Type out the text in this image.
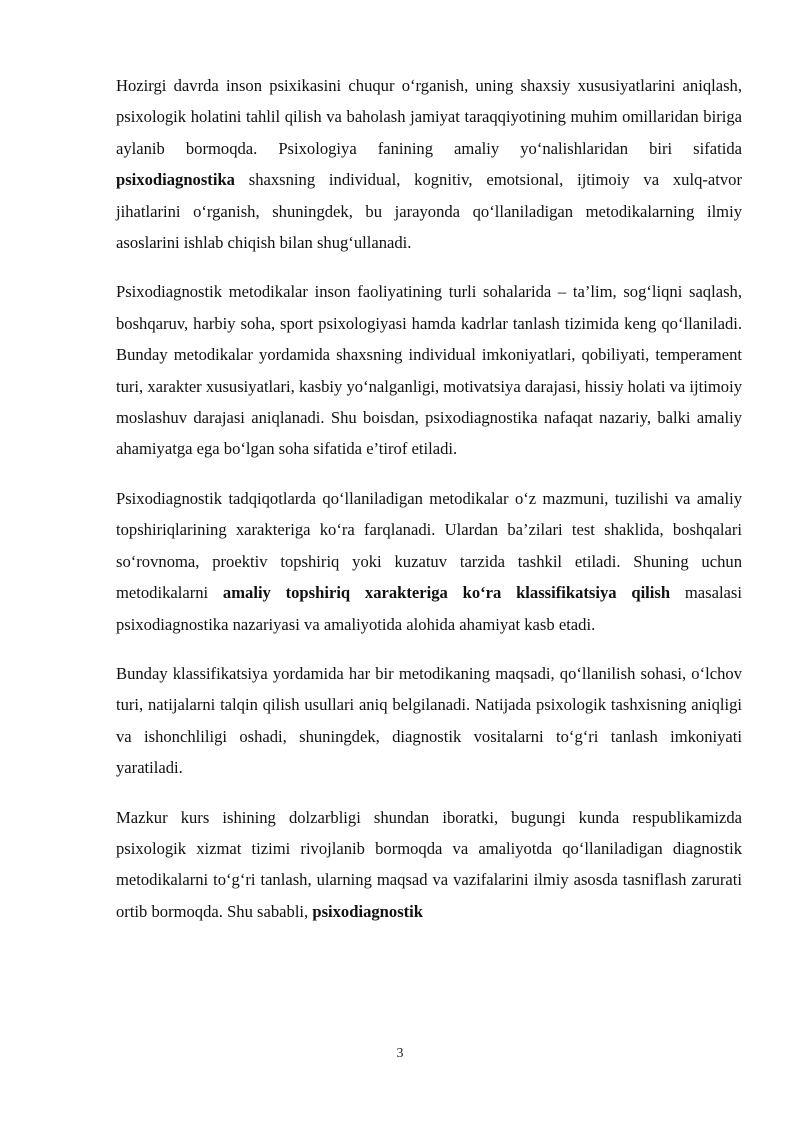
Hozirgi davrda inson psixikasini chuqur o‘rganish, uning shaxsiy xususiyatlarini aniqlash, psixologik holatini tahlil qilish va baholash jamiyat taraqqiyotining muhim omillaridan biriga aylanib bormoqda. Psixologiya fanining amaliy yo‘nalishlaridan biri sifatida psixodiagnostika shaxsning individual, kognitiv, emotsional, ijtimoiy va xulq-atvor jihatlarini o‘rganish, shuningdek, bu jarayonda qo‘llaniladigan metodikalarning ilmiy asoslarini ishlab chiqish bilan shug‘ullanadi.

Psixodiagnostik metodikalar inson faoliyatining turli sohalarida – ta’lim, sog‘liqni saqlash, boshqaruv, harbiy soha, sport psixologiyasi hamda kadrlar tanlash tizimida keng qo‘llaniladi. Bunday metodikalar yordamida shaxsning individual imkoniyatlari, qobiliyati, temperament turi, xarakter xususiyatlari, kasbiy yo‘nalganligi, motivatsiya darajasi, hissiy holati va ijtimoiy moslashuv darajasi aniqlanadi. Shu boisdan, psixodiagnostika nafaqat nazariy, balki amaliy ahamiyatga ega bo‘lgan soha sifatida e’tirof etiladi.

Psixodiagnostik tadqiqotlarda qo‘llaniladigan metodikalar o‘z mazmuni, tuzilishi va amaliy topshiriqlarining xarakteriga ko‘ra farqlanadi. Ulardan ba’zilari test shaklida, boshqalari so‘rovnoma, proektiv topshiriq yoki kuzatuv tarzida tashkil etiladi. Shuning uchun metodikalarni amaliy topshiriq xarakteriga ko‘ra klassifikatsiya qilish masalasi psixodiagnostika nazariyasi va amaliyotida alohida ahamiyat kasb etadi.

Bunday klassifikatsiya yordamida har bir metodikaning maqsadi, qo‘llanilish sohasi, o‘lchov turi, natijalarni talqin qilish usullari aniq belgilanadi. Natijada psixologik tashxisning aniqligi va ishonchliligi oshadi, shuningdek, diagnostik vositalarni to‘g‘ri tanlash imkoniyati yaratiladi.

Mazkur kurs ishining dolzarbligi shundan iboratki, bugungi kunda respublikamizda psixologik xizmat tizimi rivojlanib bormoqda va amaliyotda qo‘llaniladigan diagnostik metodikalarni to‘g‘ri tanlash, ularning maqsad va vazifalarini ilmiy asosda tasniflash zarurati ortib bormoqda. Shu sababli, psixodiagnostik

3
